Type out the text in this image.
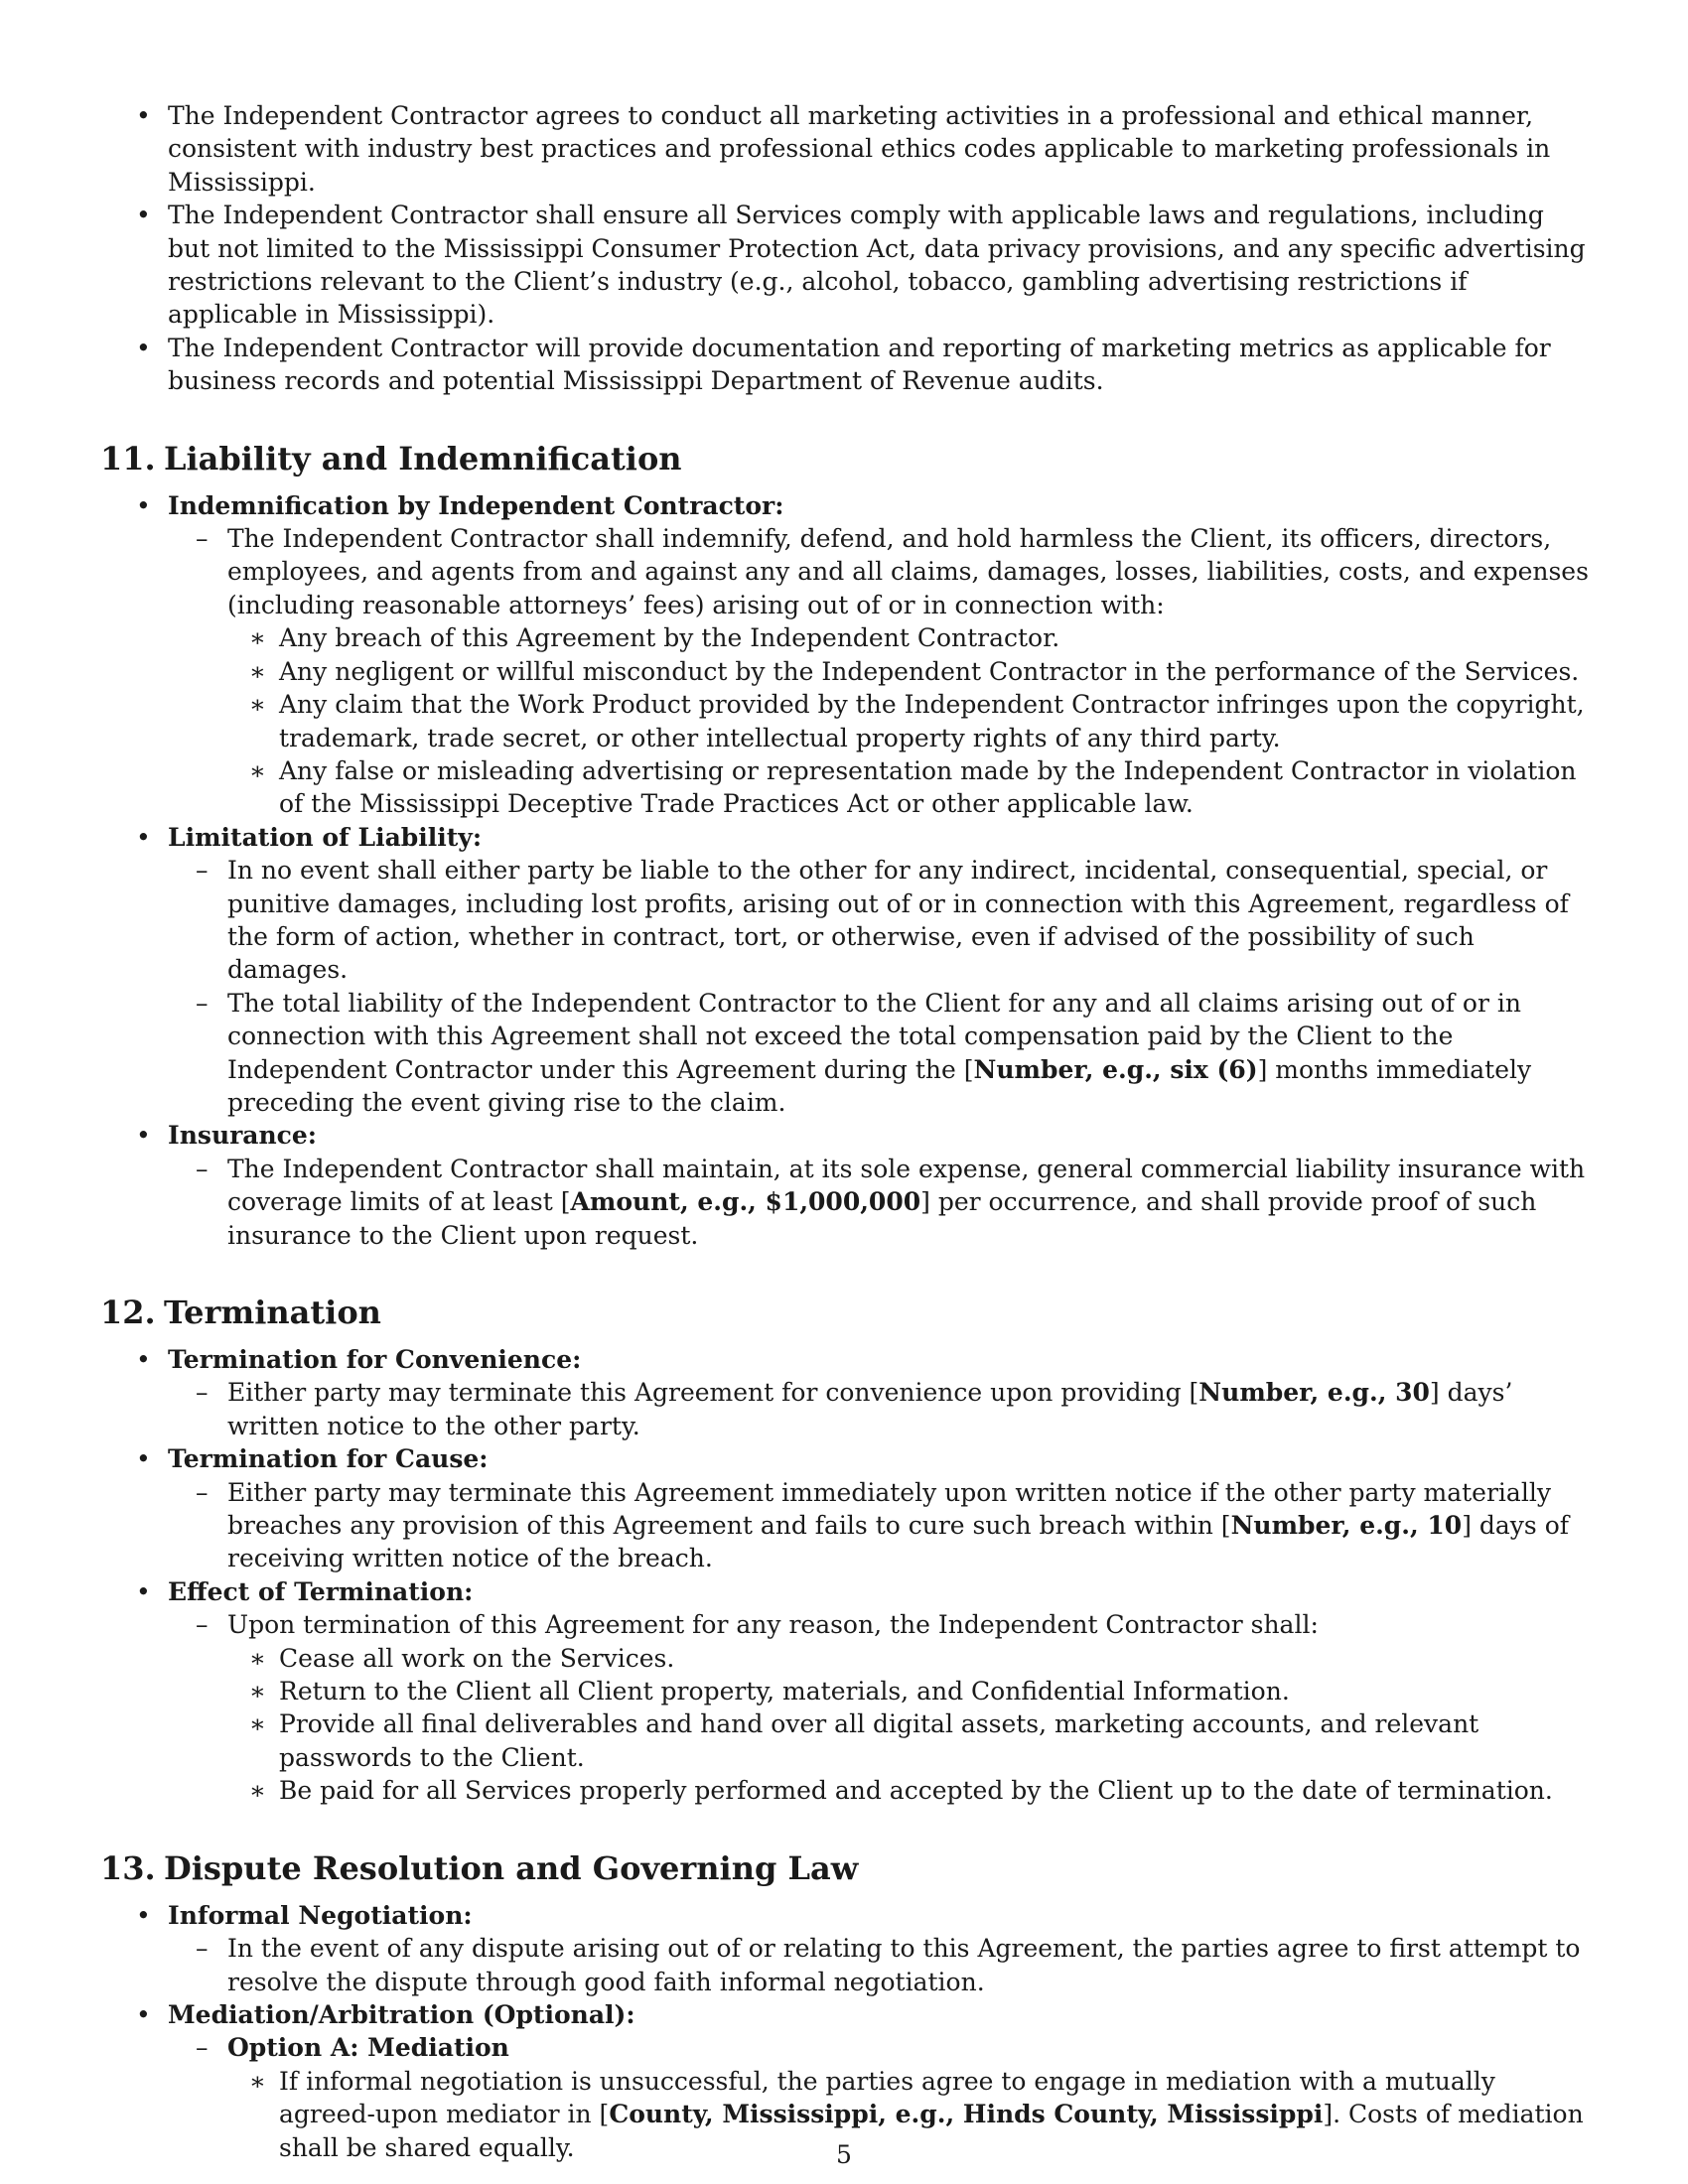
• The Independent Contractor agrees to conduct all marketing activities in a professional and ethical manner, consistent with industry best practices and professional ethics codes applicable to marketing professionals in Mississippi.
• The Independent Contractor shall ensure all Services comply with applicable laws and regulations, including but not limited to the Mississippi Consumer Protection Act, data privacy provisions, and any specific advertising restrictions relevant to the Client’s industry (e.g., alcohol, tobacco, gambling advertising restrictions if applicable in Mississippi).
• The Independent Contractor will provide documentation and reporting of marketing metrics as applicable for business records and potential Mississippi Department of Revenue audits.
11. Liability and Indemnification
• Indemnification by Independent Contractor:
– The Independent Contractor shall indemnify, defend, and hold harmless the Client, its officers, directors, employees, and agents from and against any and all claims, damages, losses, liabilities, costs, and expenses (including reasonable attorneys’ fees) arising out of or in connection with:
∗ Any breach of this Agreement by the Independent Contractor.
∗ Any negligent or willful misconduct by the Independent Contractor in the performance of the Services.
∗ Any claim that the Work Product provided by the Independent Contractor infringes upon the copyright, trademark, trade secret, or other intellectual property rights of any third party.
∗ Any false or misleading advertising or representation made by the Independent Contractor in violation of the Mississippi Deceptive Trade Practices Act or other applicable law.
• Limitation of Liability:
– In no event shall either party be liable to the other for any indirect, incidental, consequential, special, or punitive damages, including lost profits, arising out of or in connection with this Agreement, regardless of the form of action, whether in contract, tort, or otherwise, even if advised of the possibility of such damages.
– The total liability of the Independent Contractor to the Client for any and all claims arising out of or in connection with this Agreement shall not exceed the total compensation paid by the Client to the Independent Contractor under this Agreement during the [Number, e.g., six (6)] months immediately preceding the event giving rise to the claim.
• Insurance:
– The Independent Contractor shall maintain, at its sole expense, general commercial liability insurance with coverage limits of at least [Amount, e.g., $1,000,000] per occurrence, and shall provide proof of such insurance to the Client upon request.
12. Termination
• Termination for Convenience:
– Either party may terminate this Agreement for convenience upon providing [Number, e.g., 30] days’ written notice to the other party.
• Termination for Cause:
– Either party may terminate this Agreement immediately upon written notice if the other party materially breaches any provision of this Agreement and fails to cure such breach within [Number, e.g., 10] days of receiving written notice of the breach.
• Effect of Termination:
– Upon termination of this Agreement for any reason, the Independent Contractor shall:
∗ Cease all work on the Services.
∗ Return to the Client all Client property, materials, and Confidential Information.
∗ Provide all final deliverables and hand over all digital assets, marketing accounts, and relevant passwords to the Client.
∗ Be paid for all Services properly performed and accepted by the Client up to the date of termination.
13. Dispute Resolution and Governing Law
• Informal Negotiation:
– In the event of any dispute arising out of or relating to this Agreement, the parties agree to first attempt to resolve the dispute through good faith informal negotiation.
• Mediation/Arbitration (Optional):
– Option A: Mediation
∗ If informal negotiation is unsuccessful, the parties agree to engage in mediation with a mutually agreed-upon mediator in [County, Mississippi, e.g., Hinds County, Mississippi]. Costs of mediation shall be shared equally.	5
